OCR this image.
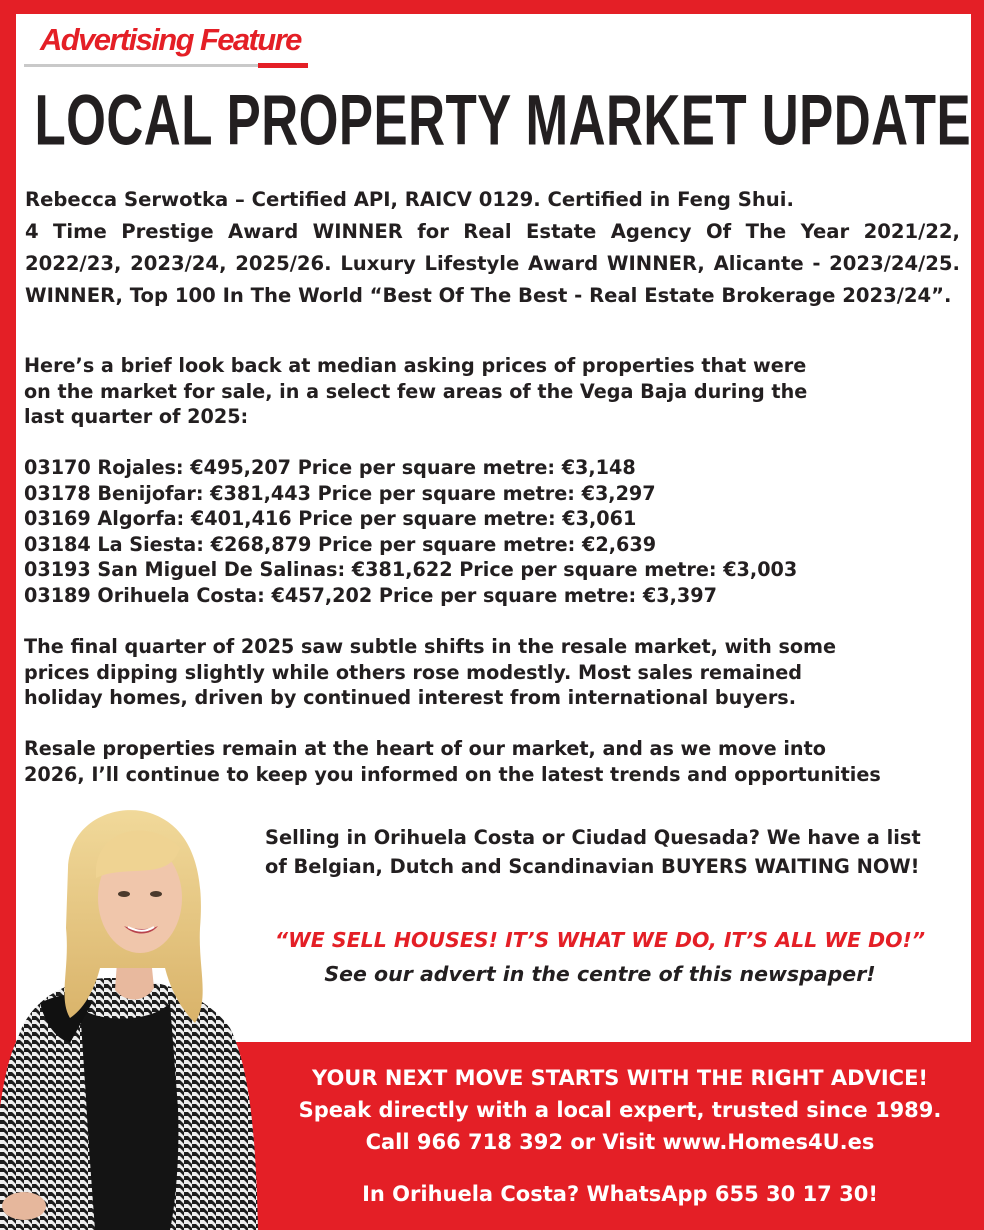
Advertising Feature
LOCAL PROPERTY MARKET UPDATE
Rebecca Serwotka – Certified API, RAICV 0129. Certified in Feng Shui.
4 Time Prestige Award WINNER for Real Estate Agency Of The Year 2021/22,
2022/23, 2023/24, 2025/26. Luxury Lifestyle Award WINNER, Alicante - 2023/24/25.
WINNER, Top 100 In The World “Best Of The Best - Real Estate Brokerage 2023/24”.
Here’s a brief look back at median asking prices of properties that were
on the market for sale, in a select few areas of the Vega Baja during the
last quarter of 2025:
03170 Rojales: €495,207 Price per square metre: €3,148
03178 Benijofar: €381,443 Price per square metre: €3,297
03169 Algorfa: €401,416 Price per square metre: €3,061
03184 La Siesta: €268,879 Price per square metre: €2,639
03193 San Miguel De Salinas: €381,622 Price per square metre: €3,003
03189 Orihuela Costa: €457,202 Price per square metre: €3,397
The final quarter of 2025 saw subtle shifts in the resale market, with some
prices dipping slightly while others rose modestly. Most sales remained
holiday homes, driven by continued interest from international buyers.
Resale properties remain at the heart of our market, and as we move into
2026, I’ll continue to keep you informed on the latest trends and opportunities
Selling in Orihuela Costa or Ciudad Quesada? We have a list
of Belgian, Dutch and Scandinavian BUYERS WAITING NOW!
“WE SELL HOUSES! IT’S WHAT WE DO, IT’S ALL WE DO!”
See our advert in the centre of this newspaper!
YOUR NEXT MOVE STARTS WITH THE RIGHT ADVICE!
Speak directly with a local expert, trusted since 1989.
Call 966 718 392 or Visit www.Homes4U.es
In Orihuela Costa? WhatsApp 655 30 17 30!
